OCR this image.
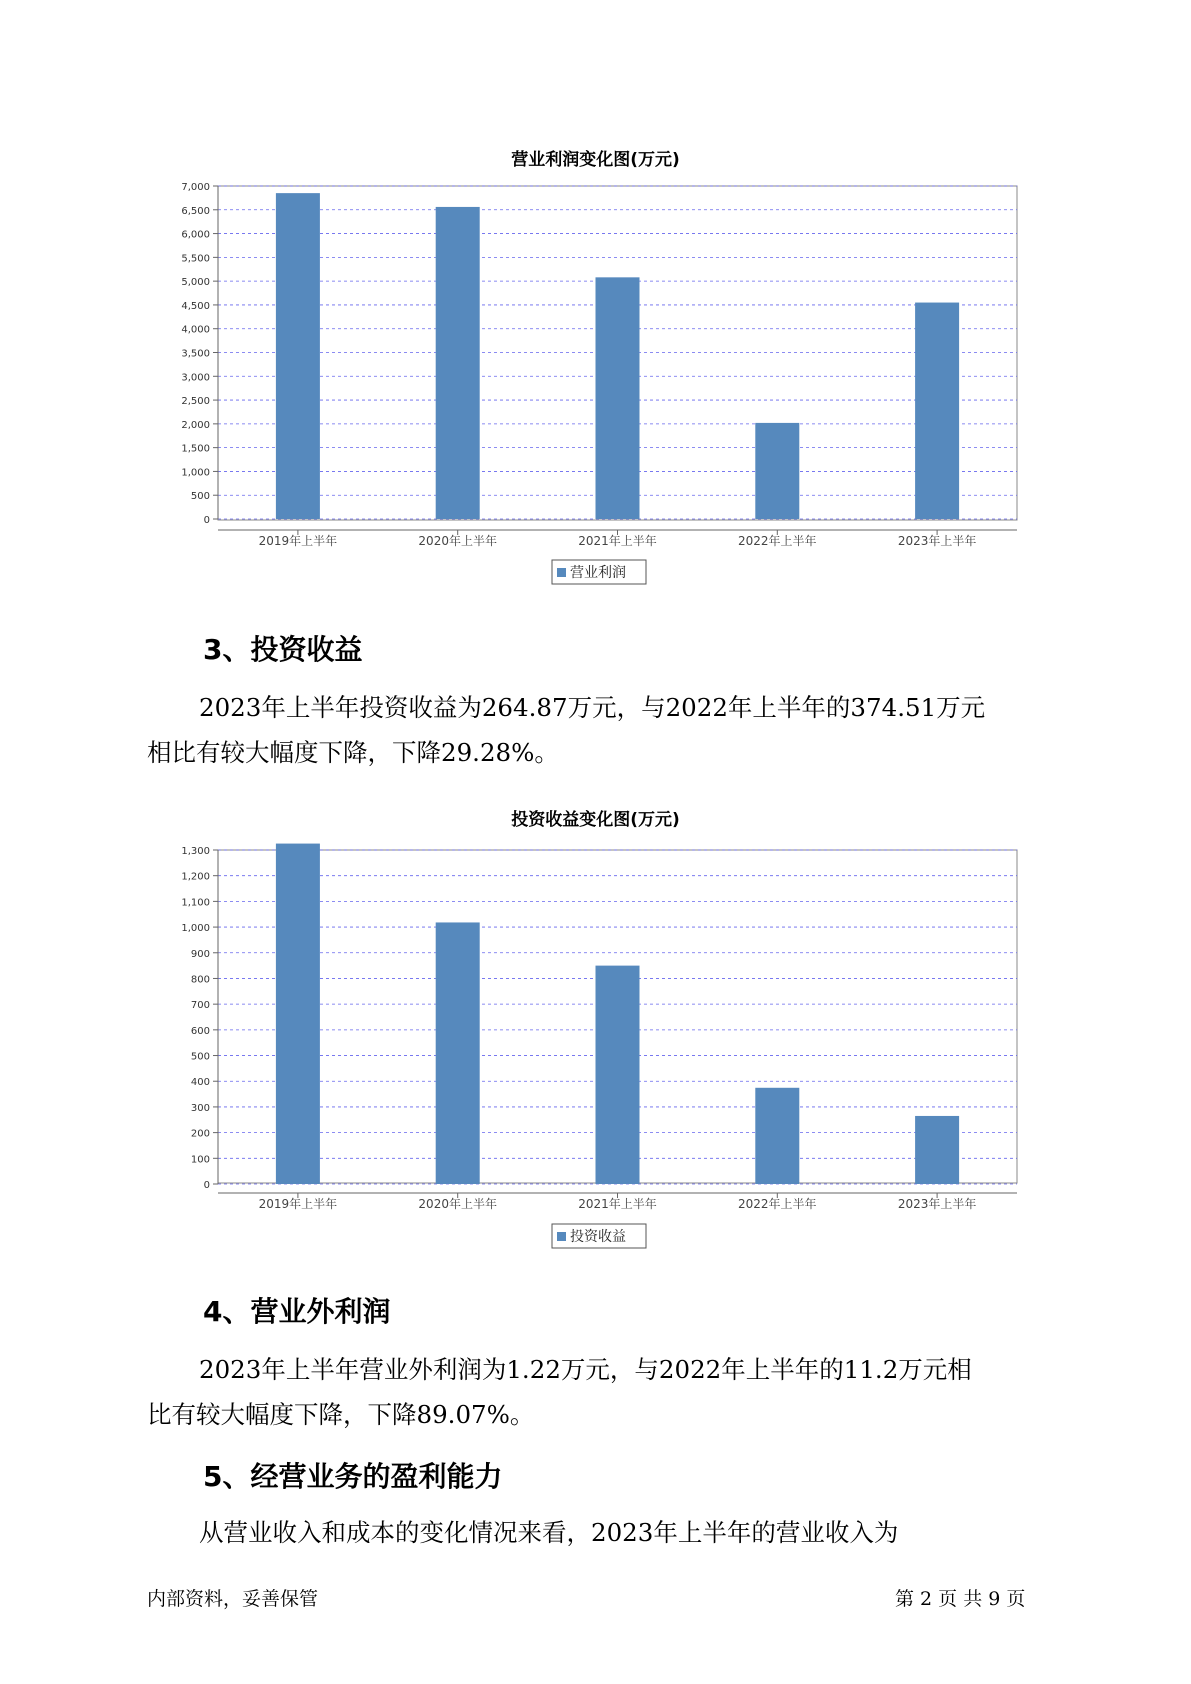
营业利润变化图(万元)
0
500
1,000
1,500
2,000
2,500
3,000
3,500
4,000
4,500
5,000
5,500
6,000
6,500
7,000
2019年上半年	2020年上半年	2021年上半年	2022年上半年	2023年上半年
营业利润
3、投资收益
2023年上半年投资收益为264.87万元，与2022年上半年的374.51万元
相比有较大幅度下降，下降29.28%。
投资收益变化图(万元)
0
100
200
300
400
500
600
700
800
900
1,000
1,100
1,200
1,300
2019年上半年	2020年上半年	2021年上半年	2022年上半年	2023年上半年
投资收益
4、营业外利润
2023年上半年营业外利润为1.22万元，与2022年上半年的11.2万元相
比有较大幅度下降，下降89.07%。
5、经营业务的盈利能力
从营业收入和成本的变化情况来看，2023年上半年的营业收入为
内部资料，妥善保管	第 2 页 共 9 页
